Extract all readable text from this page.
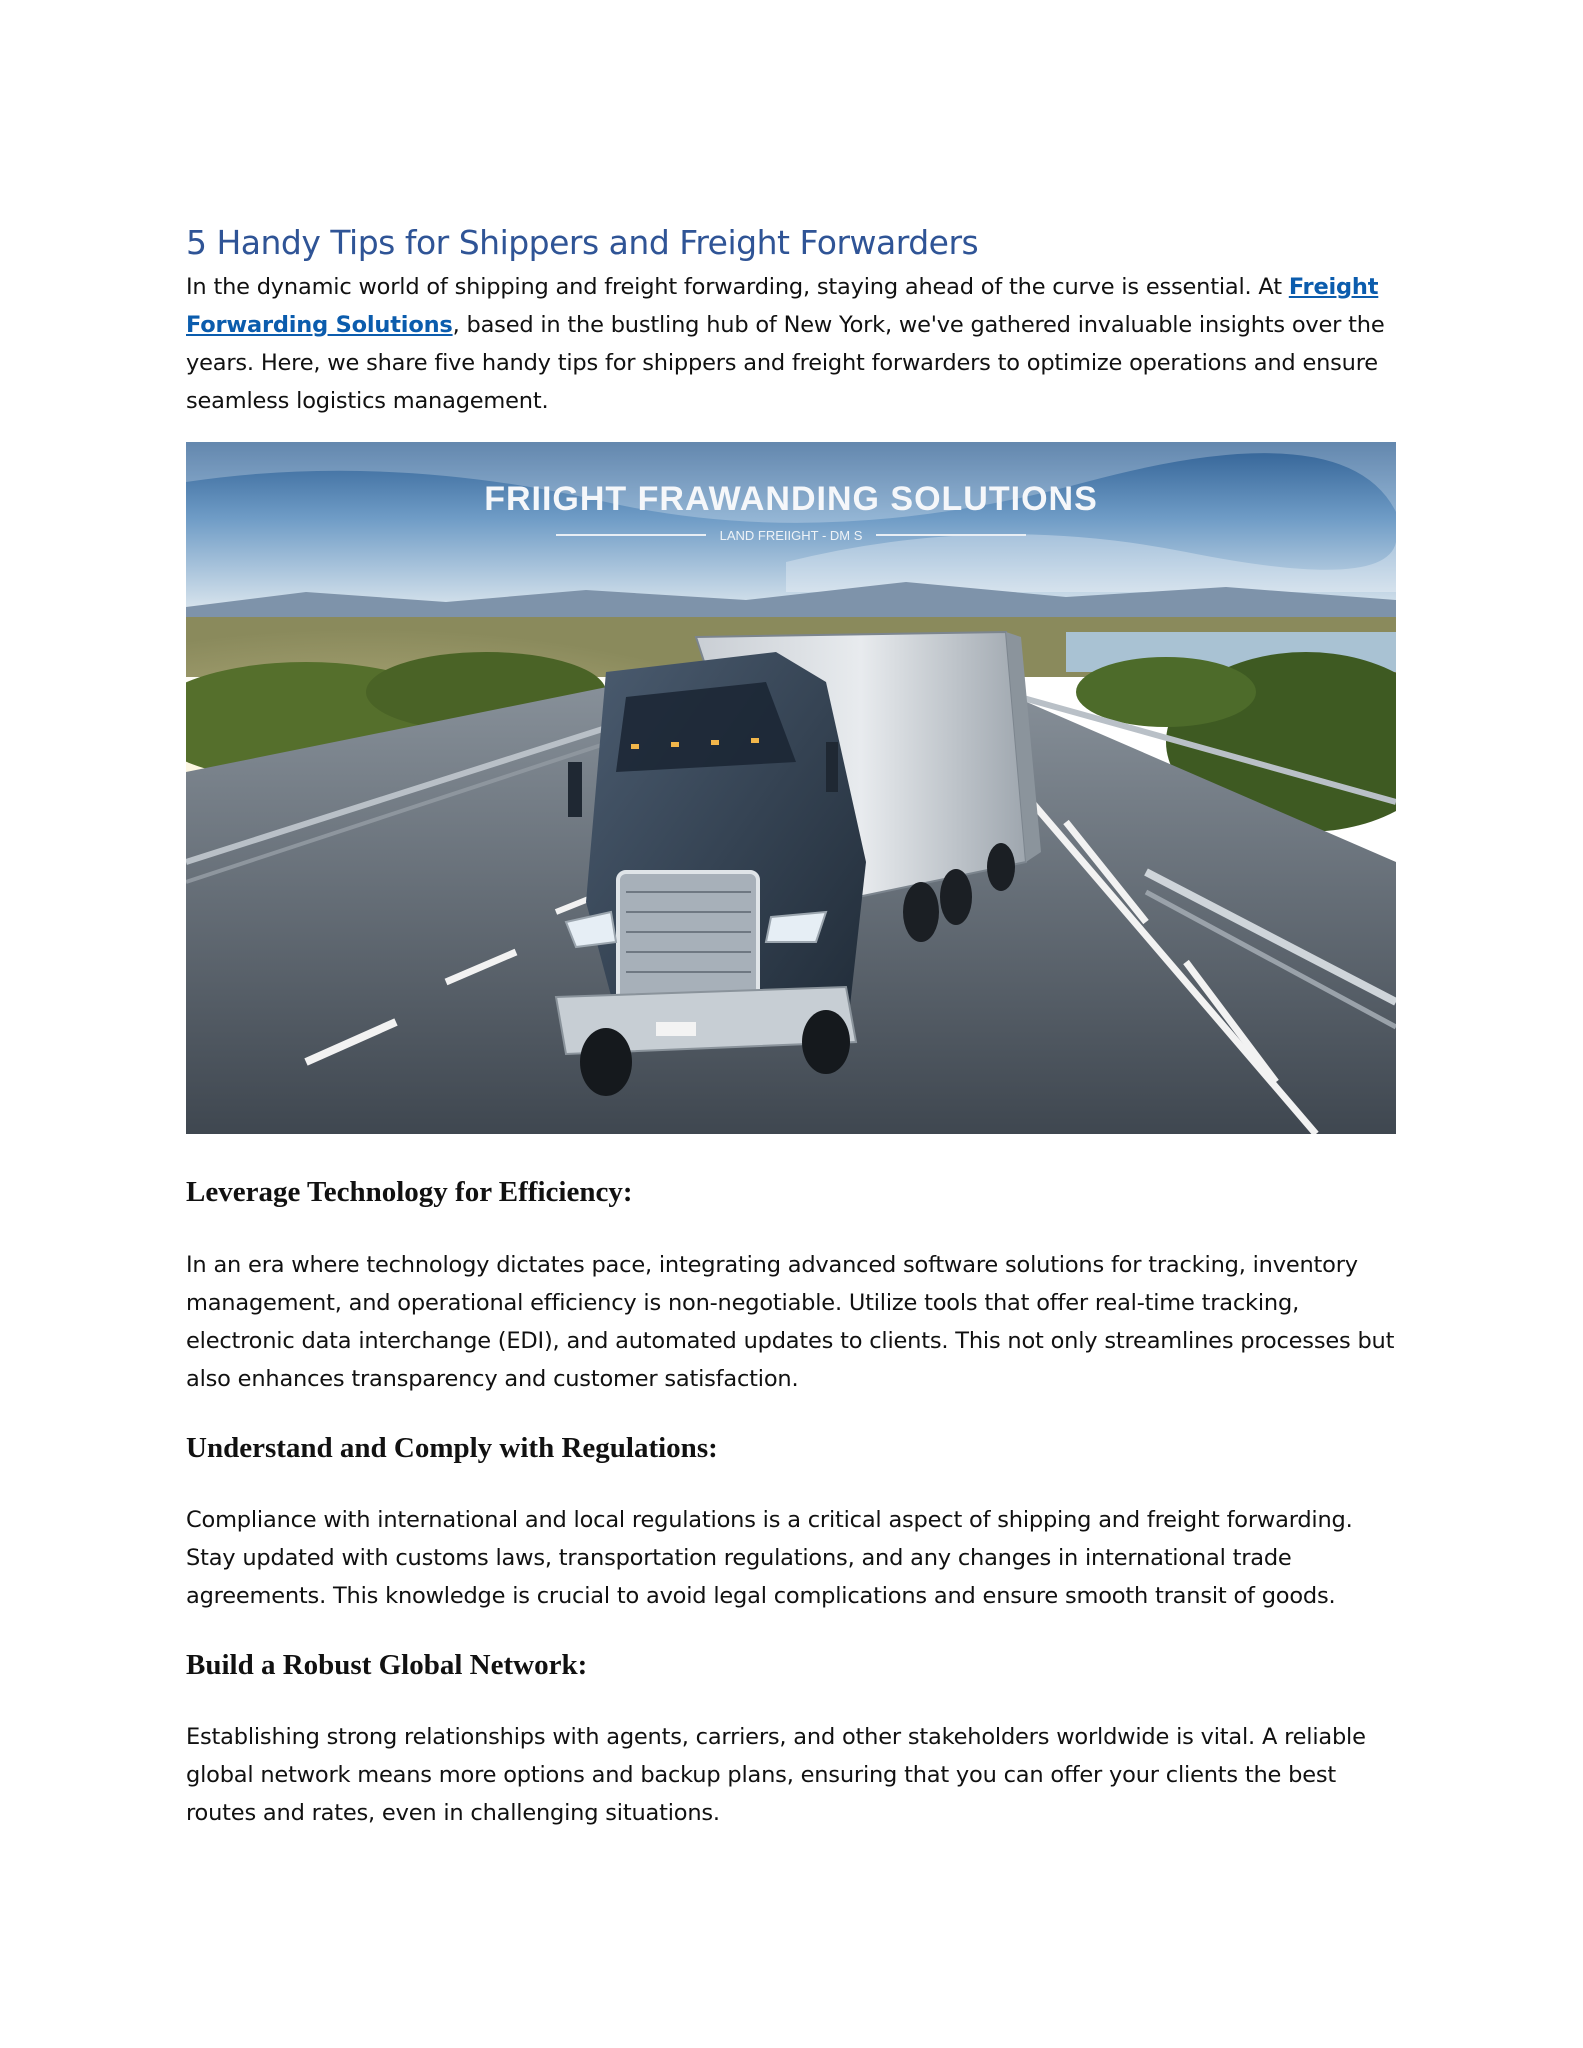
5 Handy Tips for Shippers and Freight Forwarders

In the dynamic world of shipping and freight forwarding, staying ahead of the curve is essential. At Freight Forwarding Solutions, based in the bustling hub of New York, we've gathered invaluable insights over the years. Here, we share five handy tips for shippers and freight forwarders to optimize operations and ensure seamless logistics management.

FRIIGHT FRAWANDING SOLUTIONS
LAND FREIIGHT - DM S
Leverage Technology for Efficiency:

In an era where technology dictates pace, integrating advanced software solutions for tracking, inventory management, and operational efficiency is non-negotiable. Utilize tools that offer real-time tracking, electronic data interchange (EDI), and automated updates to clients. This not only streamlines processes but also enhances transparency and customer satisfaction.

Understand and Comply with Regulations:

Compliance with international and local regulations is a critical aspect of shipping and freight forwarding. Stay updated with customs laws, transportation regulations, and any changes in international trade agreements. This knowledge is crucial to avoid legal complications and ensure smooth transit of goods.

Build a Robust Global Network:

Establishing strong relationships with agents, carriers, and other stakeholders worldwide is vital. A reliable global network means more options and backup plans, ensuring that you can offer your clients the best routes and rates, even in challenging situations.
